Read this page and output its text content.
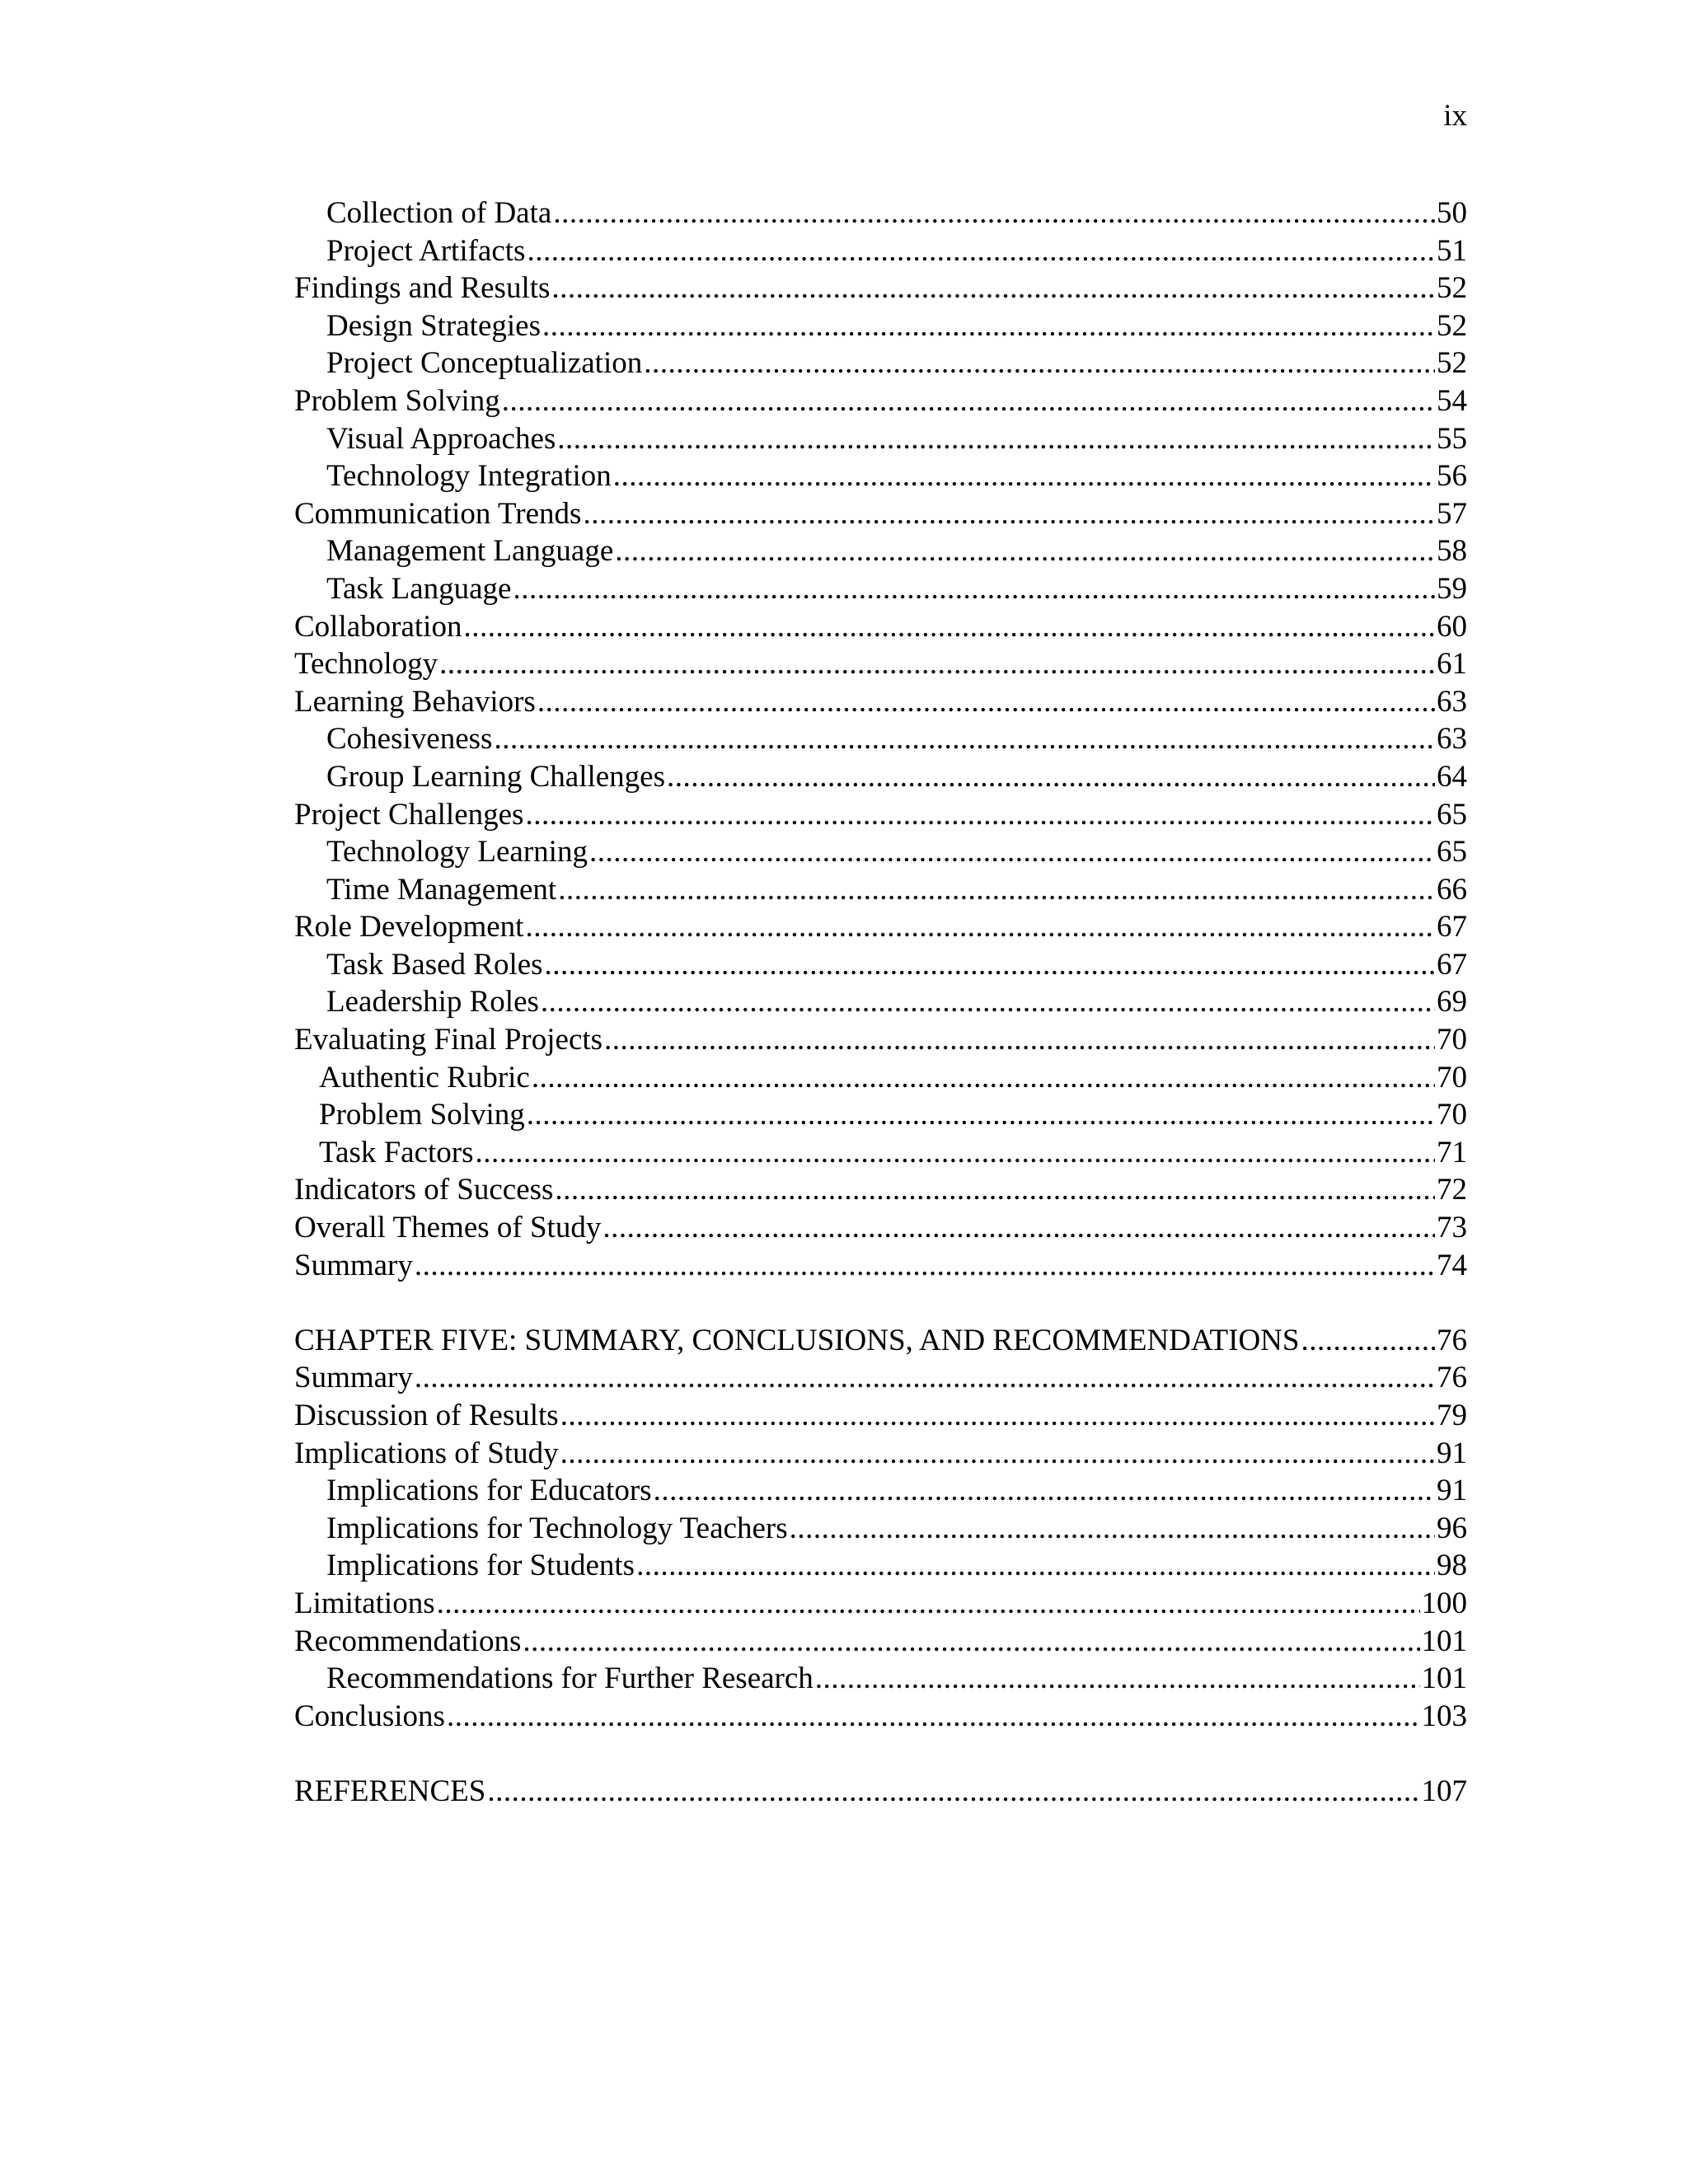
ix
Collection of Data .....	50
Project Artifacts .....	51
Findings and Results .....	52
Design Strategies .....	52
Project Conceptualization .....	52
Problem Solving .....	54
Visual Approaches .....	55
Technology Integration .....	56
Communication Trends .....	57
Management Language .....	58
Task Language .....	59
Collaboration .....	60
Technology .....	61
Learning Behaviors .....	63
Cohesiveness .....	63
Group Learning Challenges .....	64
Project Challenges .....	65
Technology Learning .....	65
Time Management .....	66
Role Development .....	67
Task Based Roles .....	67
Leadership Roles .....	69
Evaluating Final Projects .....	70
Authentic Rubric .....	70
Problem Solving .....	70
Task Factors .....	71
Indicators of Success .....	72
Overall Themes of Study .....	73
Summary .....	74
CHAPTER FIVE: SUMMARY, CONCLUSIONS, AND RECOMMENDATIONS .....	76
Summary .....	76
Discussion of Results .....	79
Implications of Study .....	91
Implications for Educators .....	91
Implications for Technology Teachers .....	96
Implications for Students .....	98
Limitations .....	100
Recommendations .....	101
Recommendations for Further Research .....	101
Conclusions .....	103
REFERENCES .....	107
